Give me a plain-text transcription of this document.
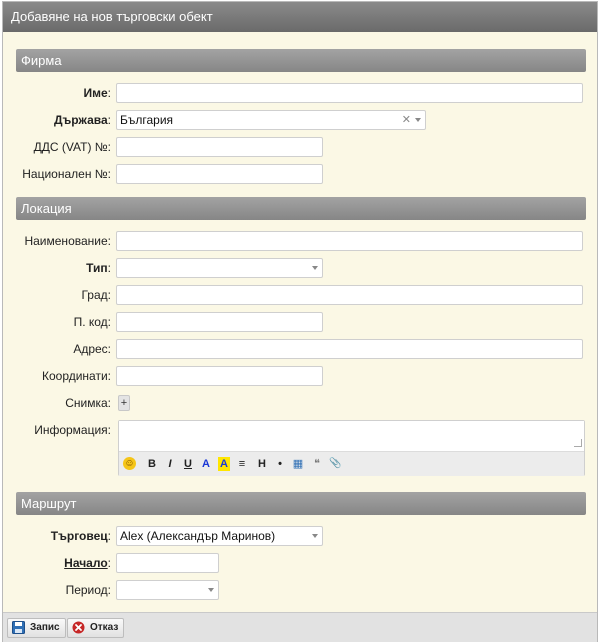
Добавяне на нов търговски обект
Фирма
Име:
Държава: България	✕
ДДС (VAT) №:
Национален №:
Локация
Наименование:
Тип:
Град:
П. код:
Адрес:
Координати:
Снимка: +
Информация:
☺ B	I	U A A ≡ H	• ▦ ❝ 📎
Маршрут
Търговец: Alex (Александър Маринов)
Начало:
Период:
Запис	Отказ
